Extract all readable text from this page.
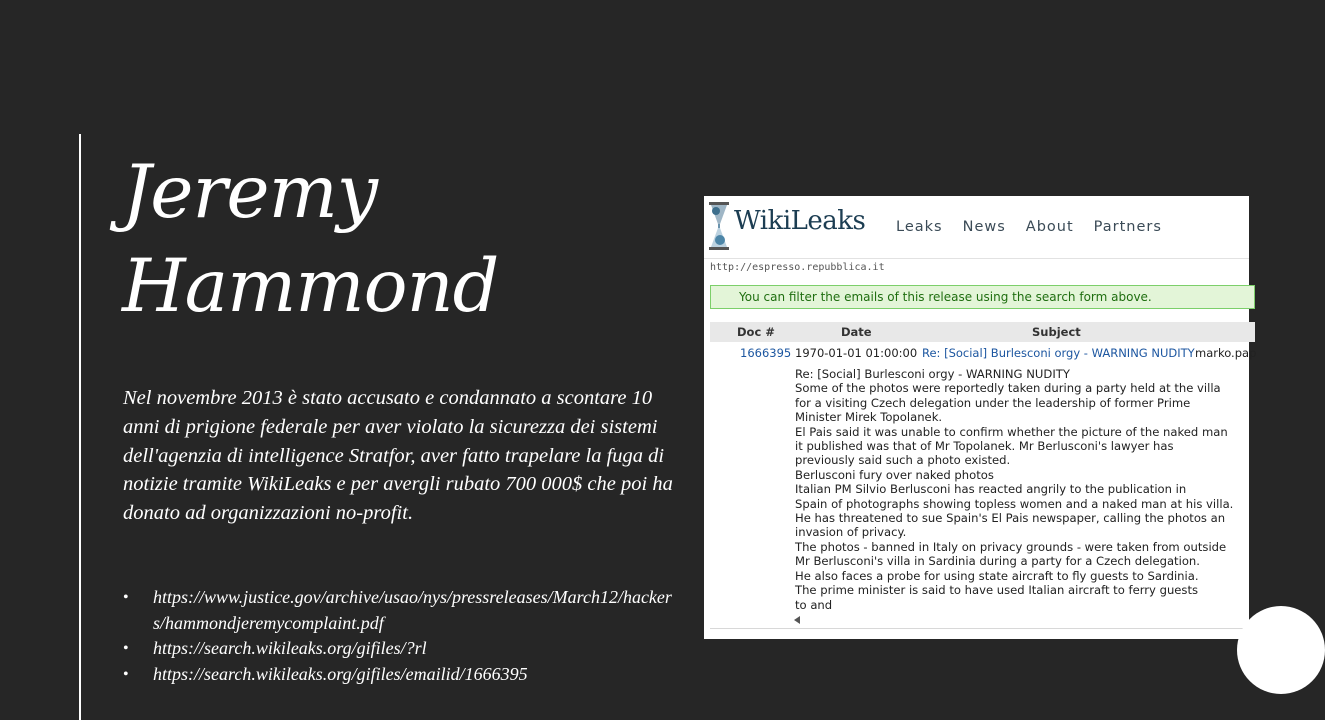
Jeremy
Hammond

Nel novembre 2013 è stato accusato e condannato a scontare 10 anni di prigione federale per aver violato la sicurezza dei sistemi dell'agenzia di intelligence Stratfor, aver fatto trapelare la fuga di notizie tramite WikiLeaks e per avergli rubato 700 000$ che poi ha donato ad organizzazioni no-profit.

• https://www.justice.gov/archive/usao/nys/pressreleases/March12/hackers/hammondjeremycomplaint.pdf
• https://search.wikileaks.org/gifiles/?rl
• https://search.wikileaks.org/gifiles/emailid/1666395
WikiLeaks Leaks News About Partners
http://espresso.repubblica.it
You can filter the emails of this release using the search form above.
Doc #	Date	Subject
1666395 1970-01-01 01:00:00 Re: [Social] Burlesconi orgy - WARNING NUDITY marko.pap
Re: [Social] Burlesconi orgy - WARNING NUDITY
Some of the photos were reportedly taken during a party held at the villa
for a visiting Czech delegation under the leadership of former Prime
Minister Mirek Topolanek.
El Pais said it was unable to confirm whether the picture of the naked man
it published was that of Mr Topolanek. Mr Berlusconi's lawyer has
previously said such a photo existed.
Berlusconi fury over naked photos
Italian PM Silvio Berlusconi has reacted angrily to the publication in
Spain of photographs showing topless women and a naked man at his villa.
He has threatened to sue Spain's El Pais newspaper, calling the photos an
invasion of privacy.
The photos - banned in Italy on privacy grounds - were taken from outside
Mr Berlusconi's villa in Sardinia during a party for a Czech delegation.
He also faces a probe for using state aircraft to fly guests to Sardinia.
The prime minister is said to have used Italian aircraft to ferry guests
to and
